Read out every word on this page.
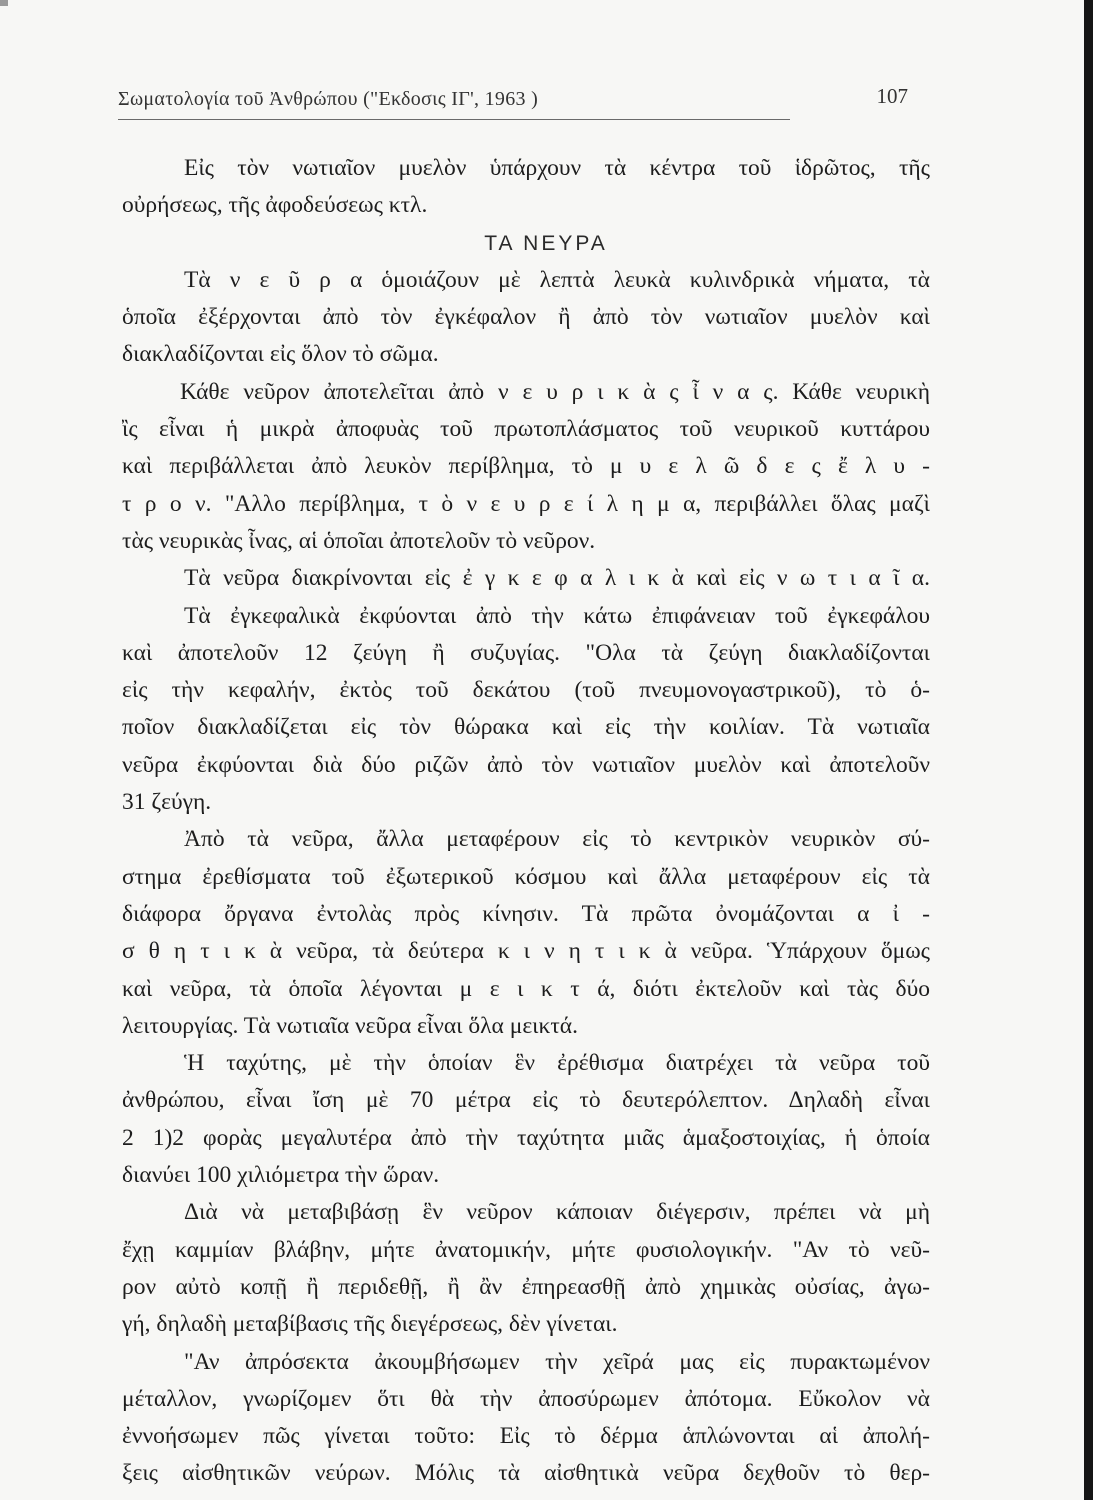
Σωματολογία τοῦ Ἀνθρώπου ("Εκδοσις ΙΓ', 1963 )	107
Εἰς τὸν νωτιαῖον μυελὸν ὑπάρχουν τὰ κέντρα τοῦ ἱδρῶτος, τῆς
οὐρήσεως, τῆς ἀφοδεύσεως κτλ.
ΤΑ ΝΕΥΡΑ
Τὰ ν ε ῦ ρ α ὁμοιάζουν μὲ λεπτὰ λευκὰ κυλινδρικὰ νήματα, τὰ
ὁποῖα ἐξέρχονται ἀπὸ τὸν ἐγκέφαλον ἢ ἀπὸ τὸν νωτιαῖον μυελὸν καὶ
διακλαδίζονται εἰς ὅλον τὸ σῶμα.
Κάθε νεῦρον ἀποτελεῖται ἀπὸ ν ε υ ρ ι κ ὰ ς ἶ ν α ς. Κάθε νευρικὴ
ἲς εἶναι ἡ μικρὰ ἀποφυὰς τοῦ πρωτοπλάσματος τοῦ νευρικοῦ κυττάρου
καὶ περιβάλλεται ἀπὸ λευκὸν περίβλημα, τὸ μ υ ε λ ῶ δ ε ς ἔ λ υ -
τ ρ ο ν. "Αλλο περίβλημα, τ ὸ ν ε υ ρ ε ί λ η μ α, περιβάλλει ὅλας μαζὶ
τὰς νευρικὰς ἶνας, αἱ ὁποῖαι ἀποτελοῦν τὸ νεῦρον.
Τὰ νεῦρα διακρίνονται εἰς ἐ γ κ ε φ α λ ι κ ὰ καὶ εἰς ν ω τ ι α ῖ α.
Τὰ ἐγκεφαλικὰ ἐκφύονται ἀπὸ τὴν κάτω ἐπιφάνειαν τοῦ ἐγκεφάλου
καὶ ἀποτελοῦν 12 ζεύγη ἢ συζυγίας. "Ολα τὰ ζεύγη διακλαδίζονται
εἰς τὴν κεφαλήν, ἐκτὸς τοῦ δεκάτου (τοῦ πνευμονογαστρικοῦ), τὸ ὁ-
ποῖον διακλαδίζεται εἰς τὸν θώρακα καὶ εἰς τὴν κοιλίαν. Τὰ νωτιαῖα
νεῦρα ἐκφύονται διὰ δύο ριζῶν ἀπὸ τὸν νωτιαῖον μυελὸν καὶ ἀποτελοῦν
31 ζεύγη.
Ἀπὸ τὰ νεῦρα, ἄλλα μεταφέρουν εἰς τὸ κεντρικὸν νευρικὸν σύ-
στημα ἐρεθίσματα τοῦ ἐξωτερικοῦ κόσμου καὶ ἄλλα μεταφέρουν εἰς τὰ
διάφορα ὄργανα ἐντολὰς πρὸς κίνησιν. Τὰ πρῶτα ὀνομάζονται α ἰ -
σ θ η τ ι κ ὰ νεῦρα, τὰ δεύτερα κ ι ν η τ ι κ ὰ νεῦρα. Ὑπάρχουν ὅμως
καὶ νεῦρα, τὰ ὁποῖα λέγονται μ ε ι κ τ ά, διότι ἐκτελοῦν καὶ τὰς δύο
λειτουργίας. Τὰ νωτιαῖα νεῦρα εἶναι ὅλα μεικτά.
Ἡ ταχύτης, μὲ τὴν ὁποίαν ἓν ἐρέθισμα διατρέχει τὰ νεῦρα τοῦ
ἀνθρώπου, εἶναι ἴση μὲ 70 μέτρα εἰς τὸ δευτερόλεπτον. Δηλαδὴ εἶναι
2 1)2 φορὰς μεγαλυτέρα ἀπὸ τὴν ταχύτητα μιᾶς ἁμαξοστοιχίας, ἡ ὁποία
διανύει 100 χιλιόμετρα τὴν ὥραν.
Διὰ νὰ μεταβιβάσῃ ἓν νεῦρον κάποιαν διέγερσιν, πρέπει νὰ μὴ
ἔχῃ καμμίαν βλάβην, μήτε ἀνατομικήν, μήτε φυσιολογικήν. "Αν τὸ νεῦ-
ρον αὐτὸ κοπῇ ἢ περιδεθῇ, ἢ ἂν ἐπηρεασθῇ ἀπὸ χημικὰς οὐσίας, ἀγω-
γή, δηλαδὴ μεταβίβασις τῆς διεγέρσεως, δὲν γίνεται.
"Αν ἀπρόσεκτα ἀκουμβήσωμεν τὴν χεῖρά μας εἰς πυρακτωμένον
μέταλλον, γνωρίζομεν ὅτι θὰ τὴν ἀποσύρωμεν ἀπότομα. Εὔκολον νὰ
ἐννοήσωμεν πῶς γίνεται τοῦτο: Εἰς τὸ δέρμα ἁπλώνονται αἱ ἀπολή-
ξεις αἰσθητικῶν νεύρων. Μόλις τὰ αἰσθητικὰ νεῦρα δεχθοῦν τὸ θερ-
